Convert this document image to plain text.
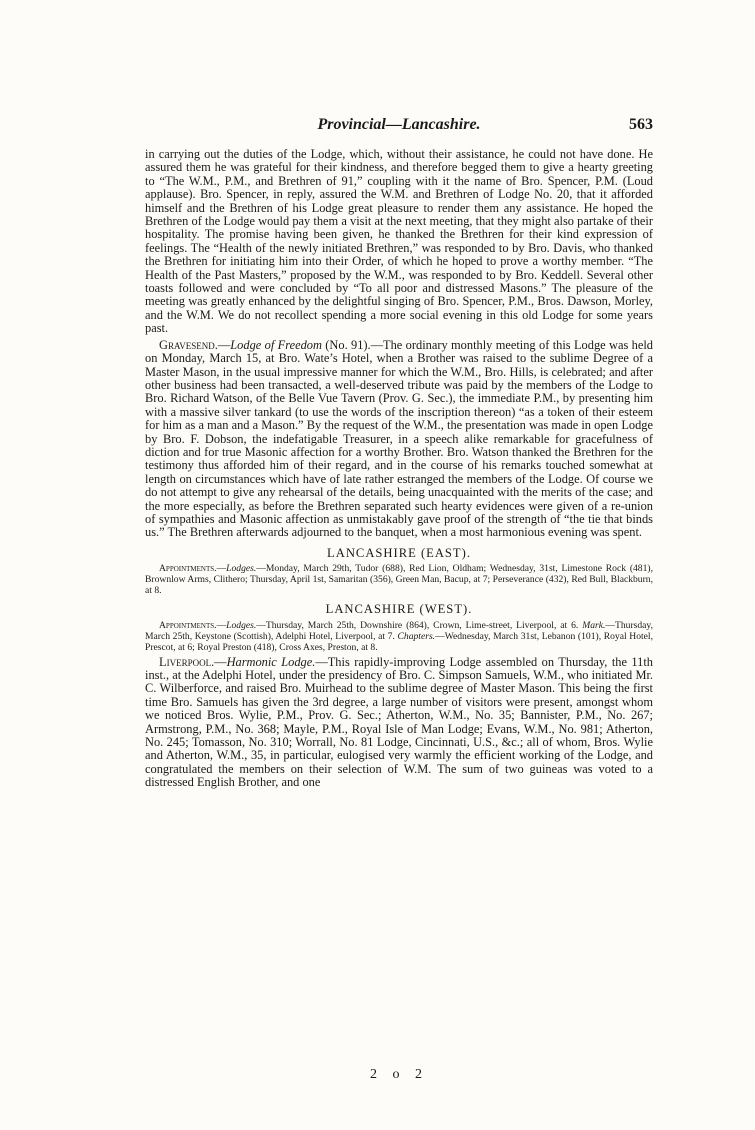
Provincial—Lancashire.	563

in carrying out the duties of the Lodge, which, without their assistance, he could not have done. He assured them he was grateful for their kindness, and therefore begged them to give a hearty greeting to “The W.M., P.M., and Brethren of 91,” coupling with it the name of Bro. Spencer, P.M. (Loud applause). Bro. Spencer, in reply, assured the W.M. and Brethren of Lodge No. 20, that it afforded himself and the Brethren of his Lodge great pleasure to render them any assistance. He hoped the Brethren of the Lodge would pay them a visit at the next meeting, that they might also partake of their hospitality. The promise having been given, he thanked the Brethren for their kind expression of feelings. The “Health of the newly initiated Brethren,” was responded to by Bro. Davis, who thanked the Brethren for initiating him into their Order, of which he hoped to prove a worthy member. “The Health of the Past Masters,” proposed by the W.M., was responded to by Bro. Keddell. Several other toasts followed and were concluded by “To all poor and distressed Masons.” The pleasure of the meeting was greatly enhanced by the delightful singing of Bro. Spencer, P.M., Bros. Dawson, Morley, and the W.M. We do not recollect spending a more social evening in this old Lodge for some years past.

Gravesend.—Lodge of Freedom (No. 91).—The ordinary monthly meeting of this Lodge was held on Monday, March 15, at Bro. Wate’s Hotel, when a Brother was raised to the sublime Degree of a Master Mason, in the usual impressive manner for which the W.M., Bro. Hills, is celebrated; and after other business had been transacted, a well-deserved tribute was paid by the members of the Lodge to Bro. Richard Watson, of the Belle Vue Tavern (Prov. G. Sec.), the immediate P.M., by presenting him with a massive silver tankard (to use the words of the inscription thereon) “as a token of their esteem for him as a man and a Mason.” By the request of the W.M., the presentation was made in open Lodge by Bro. F. Dobson, the indefatigable Treasurer, in a speech alike remarkable for gracefulness of diction and for true Masonic affection for a worthy Brother. Bro. Watson thanked the Brethren for the testimony thus afforded him of their regard, and in the course of his remarks touched somewhat at length on circumstances which have of late rather estranged the members of the Lodge. Of course we do not attempt to give any rehearsal of the details, being unacquainted with the merits of the case; and the more especially, as before the Brethren separated such hearty evidences were given of a re-union of sympathies and Masonic affection as unmistakably gave proof of the strength of “the tie that binds us.” The Brethren afterwards adjourned to the banquet, when a most harmonious evening was spent.

LANCASHIRE (EAST).

Appointments.—Lodges.—Monday, March 29th, Tudor (688), Red Lion, Oldham; Wednesday, 31st, Limestone Rock (481), Brownlow Arms, Clithero; Thursday, April 1st, Samaritan (356), Green Man, Bacup, at 7; Perseverance (432), Red Bull, Blackburn, at 8.

LANCASHIRE (WEST).

Appointments.—Lodges.—Thursday, March 25th, Downshire (864), Crown, Lime-street, Liverpool, at 6. Mark.—Thursday, March 25th, Keystone (Scottish), Adelphi Hotel, Liverpool, at 7. Chapters.—Wednesday, March 31st, Lebanon (101), Royal Hotel, Prescot, at 6; Royal Preston (418), Cross Axes, Preston, at 8.

Liverpool.—Harmonic Lodge.—This rapidly-improving Lodge assembled on Thursday, the 11th inst., at the Adelphi Hotel, under the presidency of Bro. C. Simpson Samuels, W.M., who initiated Mr. C. Wilberforce, and raised Bro. Muirhead to the sublime degree of Master Mason. This being the first time Bro. Samuels has given the 3rd degree, a large number of visitors were present, amongst whom we noticed Bros. Wylie, P.M., Prov. G. Sec.; Atherton, W.M., No. 35; Bannister, P.M., No. 267; Armstrong, P.M., No. 368; Mayle, P.M., Royal Isle of Man Lodge; Evans, W.M., No. 981; Atherton, No. 245; Tomasson, No. 310; Worrall, No. 81 Lodge, Cincinnati, U.S., &c.; all of whom, Bros. Wylie and Atherton, W.M., 35, in particular, eulogised very warmly the efficient working of the Lodge, and congratulated the members on their selection of W.M. The sum of two guineas was voted to a distressed English Brother, and one

2 o 2
